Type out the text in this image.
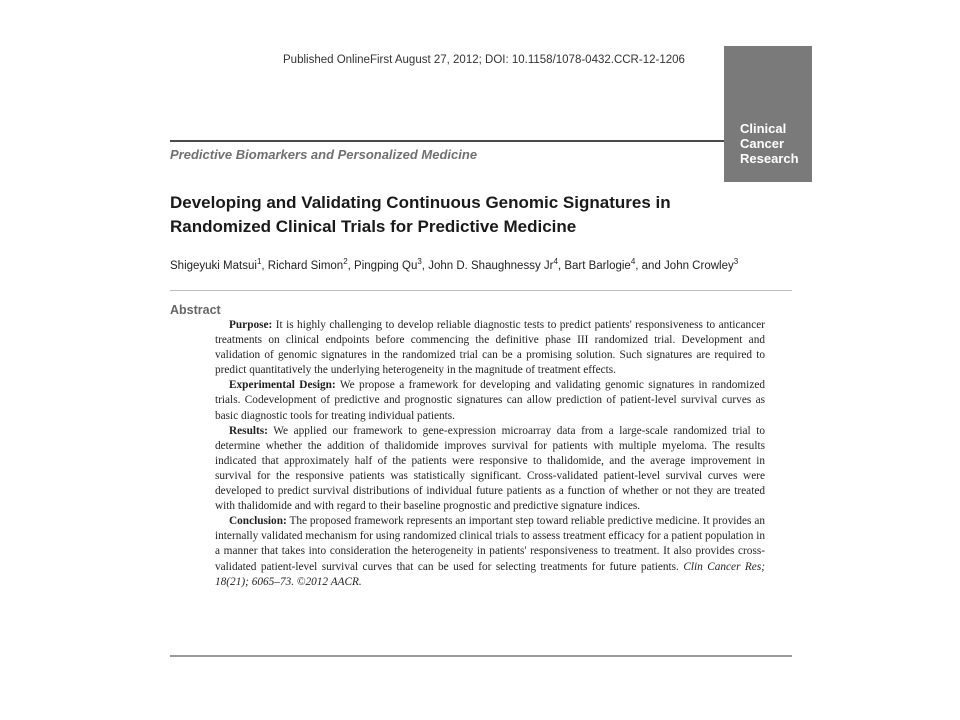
Published OnlineFirst August 27, 2012; DOI: 10.1158/1078-0432.CCR-12-1206
Clinical
Cancer
Research
Predictive Biomarkers and Personalized Medicine
Developing and Validating Continuous Genomic Signatures in
Randomized Clinical Trials for Predictive Medicine
Shigeyuki Matsui$^1$, Richard Simon$^2$, Pingping Qu$^3$, John D. Shaughnessy Jr$^4$, Bart Barlogie$^4$, and John Crowley$^3$
Abstract

Purpose: It is highly challenging to develop reliable diagnostic tests to predict patients' responsiveness to anticancer treatments on clinical endpoints before commencing the definitive phase III randomized trial. Development and validation of genomic signatures in the randomized trial can be a promising solution. Such signatures are required to predict quantitatively the underlying heterogeneity in the magnitude of treatment effects.

Experimental Design: We propose a framework for developing and validating genomic signatures in randomized trials. Codevelopment of predictive and prognostic signatures can allow prediction of patient-level survival curves as basic diagnostic tools for treating individual patients.

Results: We applied our framework to gene-expression microarray data from a large-scale randomized trial to determine whether the addition of thalidomide improves survival for patients with multiple myeloma. The results indicated that approximately half of the patients were responsive to thalidomide, and the average improvement in survival for the responsive patients was statistically significant. Cross-validated patient-level survival curves were developed to predict survival distributions of individual future patients as a function of whether or not they are treated with thalidomide and with regard to their baseline prognostic and predictive signature indices.

Conclusion: The proposed framework represents an important step toward reliable predictive medicine. It provides an internally validated mechanism for using randomized clinical trials to assess treatment efficacy for a patient population in a manner that takes into consideration the heterogeneity in patients' responsiveness to treatment. It also provides cross-validated patient-level survival curves that can be used for selecting treatments for future patients. Clin Cancer Res; 18(21); 6065–73. ©2012 AACR.
